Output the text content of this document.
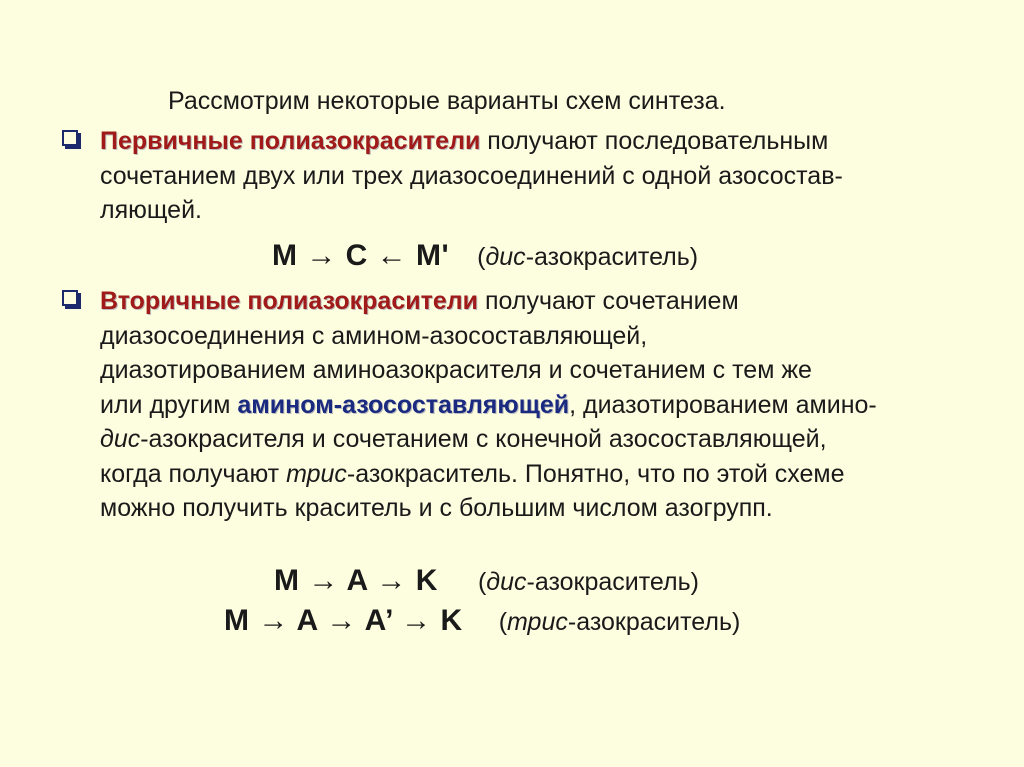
Рассмотрим некоторые варианты схем синтеза.
Первичные полиазокрасители получают последовательным
сочетанием двух или трех диазосоединений с одной азосостав-
ляющей.
M → C ← M' (дис-азокраситель)
Вторичные полиазокрасители получают сочетанием
диазосоединения с амином-азосоставляющей,
диазотированием аминоазокрасителя и сочетанием с тем же
или другим амином-азосоставляющей, диазотированием амино-
дис-азокрасителя и сочетанием с конечной азосоставляющей,
когда получают трис-азокраситель. Понятно, что по этой схеме
можно получить краситель и с большим числом азогрупп.
M → A → K (дис-азокраситель)
M → A → A’ → K (трис-азокраситель)
